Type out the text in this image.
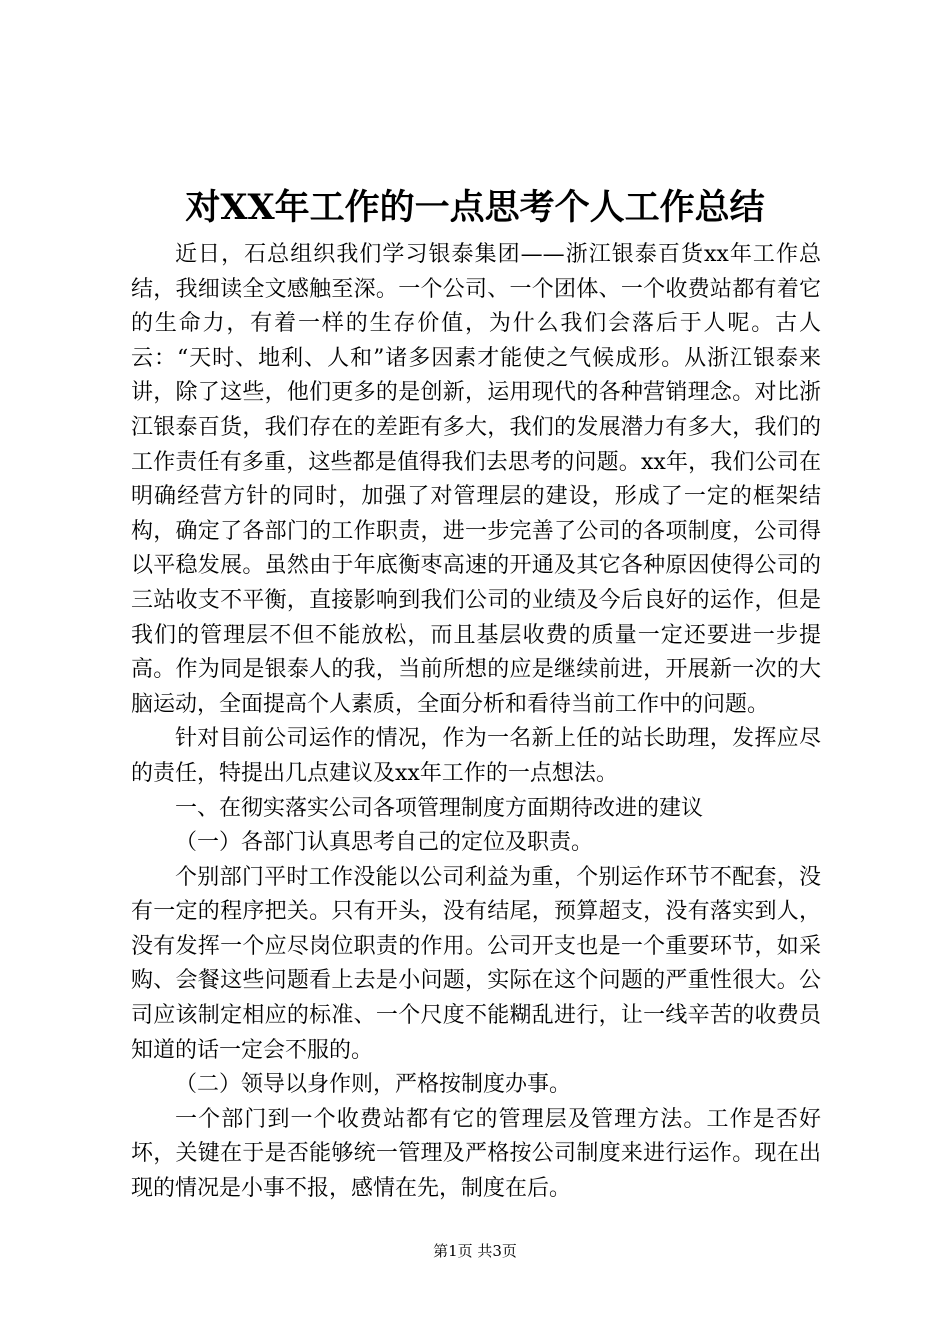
对XX年工作的一点思考个人工作总结

近日，石总组织我们学习银泰集团——浙江银泰百货xx年工作总结，我细读全文感触至深。一个公司、一个团体、一个收费站都有着它的生命力，有着一样的生存价值，为什么我们会落后于人呢。古人云：“天时、地利、人和”诸多因素才能使之气候成形。从浙江银泰来讲，除了这些，他们更多的是创新，运用现代的各种营销理念。对比浙江银泰百货，我们存在的差距有多大，我们的发展潜力有多大，我们的工作责任有多重，这些都是值得我们去思考的问题。xx年，我们公司在明确经营方针的同时，加强了对管理层的建设，形成了一定的框架结构，确定了各部门的工作职责，进一步完善了公司的各项制度，公司得以平稳发展。虽然由于年底衡枣高速的开通及其它各种原因使得公司的三站收支不平衡，直接影响到我们公司的业绩及今后良好的运作，但是我们的管理层不但不能放松，而且基层收费的质量一定还要进一步提高。作为同是银泰人的我，当前所想的应是继续前进，开展新一次的大脑运动，全面提高个人素质，全面分析和看待当前工作中的问题。

针对目前公司运作的情况，作为一名新上任的站长助理，发挥应尽的责任，特提出几点建议及xx年工作的一点想法。

一、在彻实落实公司各项管理制度方面期待改进的建议

（一）各部门认真思考自己的定位及职责。

个别部门平时工作没能以公司利益为重，个别运作环节不配套，没有一定的程序把关。只有开头，没有结尾，预算超支，没有落实到人，没有发挥一个应尽岗位职责的作用。公司开支也是一个重要环节，如采购、会餐这些问题看上去是小问题，实际在这个问题的严重性很大。公司应该制定相应的标准、一个尺度不能糊乱进行，让一线辛苦的收费员知道的话一定会不服的。

（二）领导以身作则，严格按制度办事。

一个部门到一个收费站都有它的管理层及管理方法。工作是否好坏，关键在于是否能够统一管理及严格按公司制度来进行运作。现在出现的情况是小事不报，感情在先，制度在后。

第1页 共3页
